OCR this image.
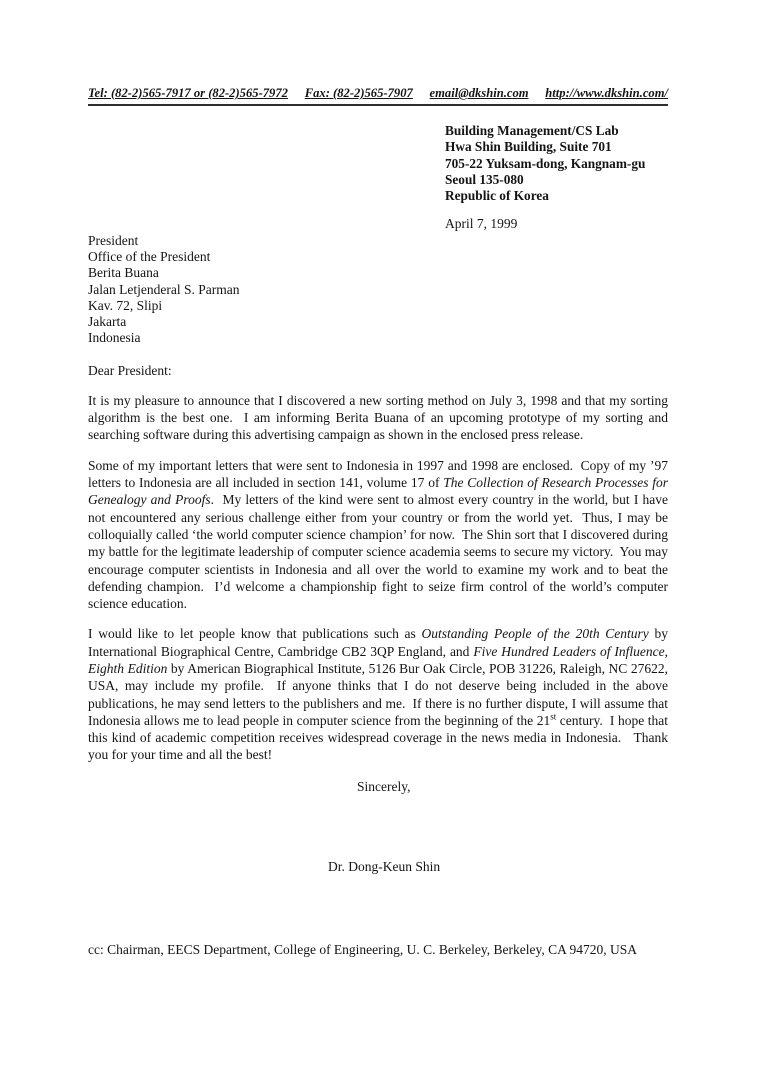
Tel: (82-2)565-7917 or (82-2)565-7972 Fax: (82-2)565-7907 email@dkshin.com http://www.dkshin.com/
Building Management/CS Lab
Hwa Shin Building, Suite 701
705-22 Yuksam-dong, Kangnam-gu
Seoul 135-080
Republic of Korea
April 7, 1999
President
Office of the President
Berita Buana
Jalan Letjenderal S. Parman
Kav. 72, Slipi
Jakarta
Indonesia
Dear President:

It is my pleasure to announce that I discovered a new sorting method on July 3, 1998 and that my sorting algorithm is the best one.  I am informing Berita Buana of an upcoming prototype of my sorting and searching software during this advertising campaign as shown in the enclosed press release.

Some of my important letters that were sent to Indonesia in 1997 and 1998 are enclosed.  Copy of my ’97 letters to Indonesia are all included in section 141, volume 17 of The Collection of Research Processes for Genealogy and Proofs.  My letters of the kind were sent to almost every country in the world, but I have not encountered any serious challenge either from your country or from the world yet.  Thus, I may be colloquially called ‘the world computer science champion’ for now.  The Shin sort that I discovered during my battle for the legitimate leadership of computer science academia seems to secure my victory.  You may encourage computer scientists in Indonesia and all over the world to examine my work and to beat the defending champion.  I’d welcome a championship fight to seize firm control of the world’s computer science education.

I would like to let people know that publications such as Outstanding People of the 20th Century by International Biographical Centre, Cambridge CB2 3QP England, and Five Hundred Leaders of Influence, Eighth Edition by American Biographical Institute, 5126 Bur Oak Circle, POB 31226, Raleigh, NC 27622, USA, may include my profile.  If anyone thinks that I do not deserve being included in the above publications, he may send letters to the publishers and me.  If there is no further dispute, I will assume that Indonesia allows me to lead people in computer science from the beginning of the 21st century.  I hope that this kind of academic competition receives widespread coverage in the news media in Indonesia.   Thank you for your time and all the best!

Sincerely,
Dr. Dong-Keun Shin
cc: Chairman, EECS Department, College of Engineering, U. C. Berkeley, Berkeley, CA 94720, USA
